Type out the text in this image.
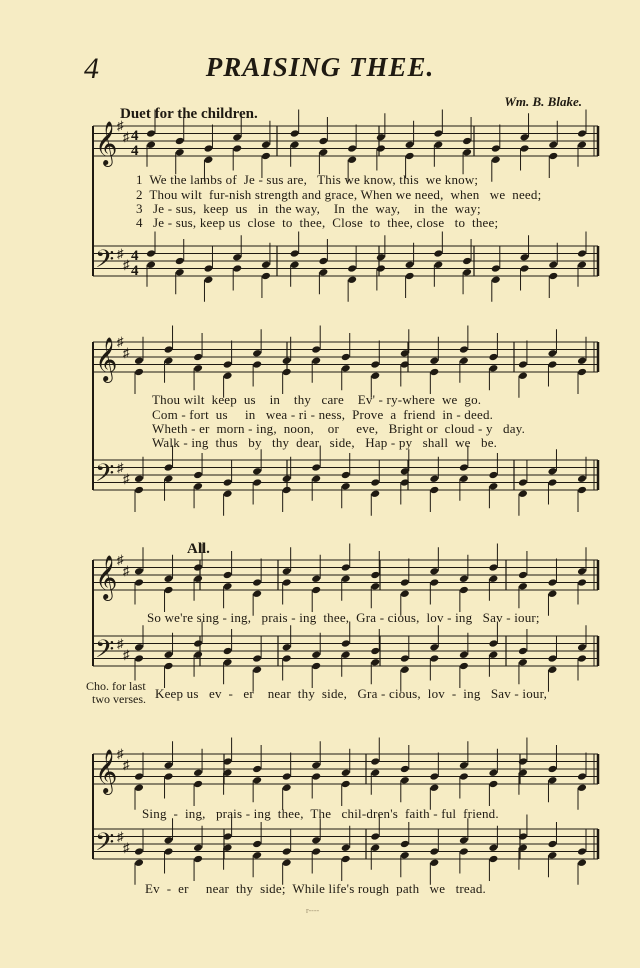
4	PRAISING THEE.
Wm. B. Blake.
Duet for the children.
All.
𝄞 ♯
♯ 4
4
𝄢 ♯
♯
4
4
𝄞 ♯
♯
𝄢 ♯
♯
𝄞 ♯
♯
𝄢 ♯
♯
𝄞 ♯
♯
𝄢 ♯
♯
1  We the lambs of  Je - sus are,   This we know, this  we know;
2  Thou wilt  fur-nish strength and grace, When we need,  when   we  need;
3   Je - sus,  keep  us   in  the way,    In  the  way,    in  the  way;
4   Je - sus, keep us  close  to  thee,  Close  to  thee, close   to  thee;
Thou wilt  keep  us    in    thy   care    Ev' - ry-where  we  go.
Com - fort  us     in   wea - ri - ness,  Prove  a  friend  in - deed.
Wheth - er  morn - ing,  noon,    or     eve,   Bright or  cloud - y   day.
Walk - ing  thus   by   thy  dear   side,   Hap - py   shall  we   be.
So we're sing - ing,   prais - ing  thee,  Gra - cious,  lov - ing   Sav - iour;
Cho. for last
two verses. Keep us   ev  -   er    near  thy  side,   Gra - cious,  lov  -  ing   Sav - iour,
Sing  -  ing,   prais - ing  thee,  The   chil-dren's  faith - ful  friend.
Ev  -  er     near  thy  side;  While life's rough  path   we   tread.
r----
